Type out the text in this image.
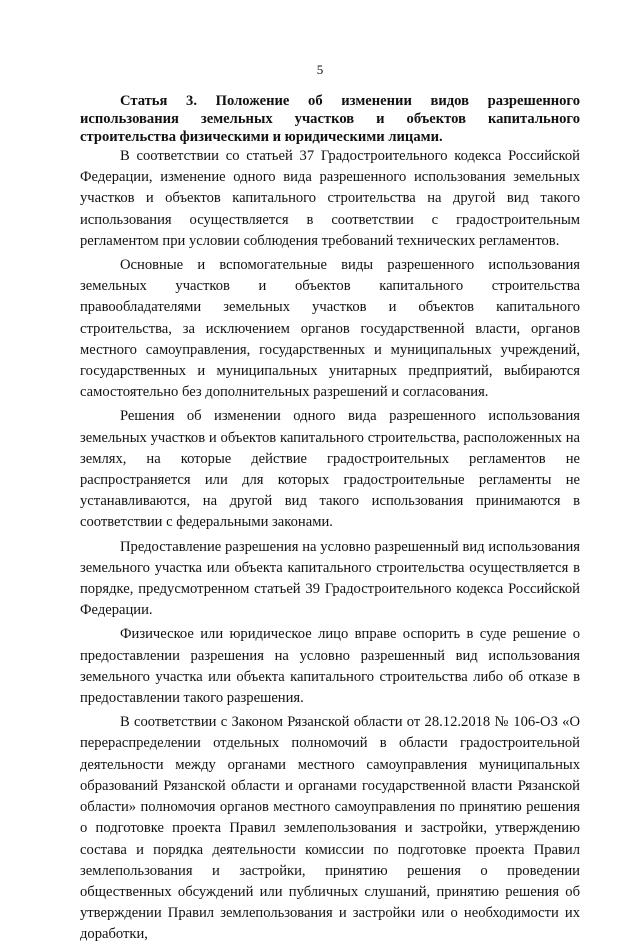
5

Статья 3. Положение об изменении видов разрешенного использования земельных участков и объектов капитального строительства физическими и юридическими лицами.

В соответствии со статьей 37 Градостроительного кодекса Российской Федерации, изменение одного вида разрешенного использования земельных участков и объектов капитального строительства на другой вид такого использования осуществляется в соответствии с градостроительным регламентом при условии соблюдения требований технических регламентов.

Основные и вспомогательные виды разрешенного использования земельных участков и объектов капитального строительства правообладателями земельных участков и объектов капитального строительства, за исключением органов государственной власти, органов местного самоуправления, государственных и муниципальных учреждений, государственных и муниципальных унитарных предприятий, выбираются самостоятельно без дополнительных разрешений и согласования.

Решения об изменении одного вида разрешенного использования земельных участков и объектов капитального строительства, расположенных на землях, на которые действие градостроительных регламентов не распространяется или для которых градостроительные регламенты не устанавливаются, на другой вид такого использования принимаются в соответствии с федеральными законами.

Предоставление разрешения на условно разрешенный вид использования земельного участка или объекта капитального строительства осуществляется в порядке, предусмотренном статьей 39 Градостроительного кодекса Российской Федерации.

Физическое или юридическое лицо вправе оспорить в суде решение о предоставлении разрешения на условно разрешенный вид использования земельного участка или объекта капитального строительства либо об отказе в предоставлении такого разрешения.

В соответствии с Законом Рязанской области от 28.12.2018 № 106-ОЗ «О перераспределении отдельных полномочий в области градостроительной деятельности между органами местного самоуправления муниципальных образований Рязанской области и органами государственной власти Рязанской области» полномочия органов местного самоуправления по принятию решения о подготовке проекта Правил землепользования и застройки, утверждению состава и порядка деятельности комиссии по подготовке проекта Правил землепользования и застройки, принятию решения о проведении общественных обсуждений или публичных слушаний, принятию решения об утверждении Правил землепользования и застройки или о необходимости их доработки,
